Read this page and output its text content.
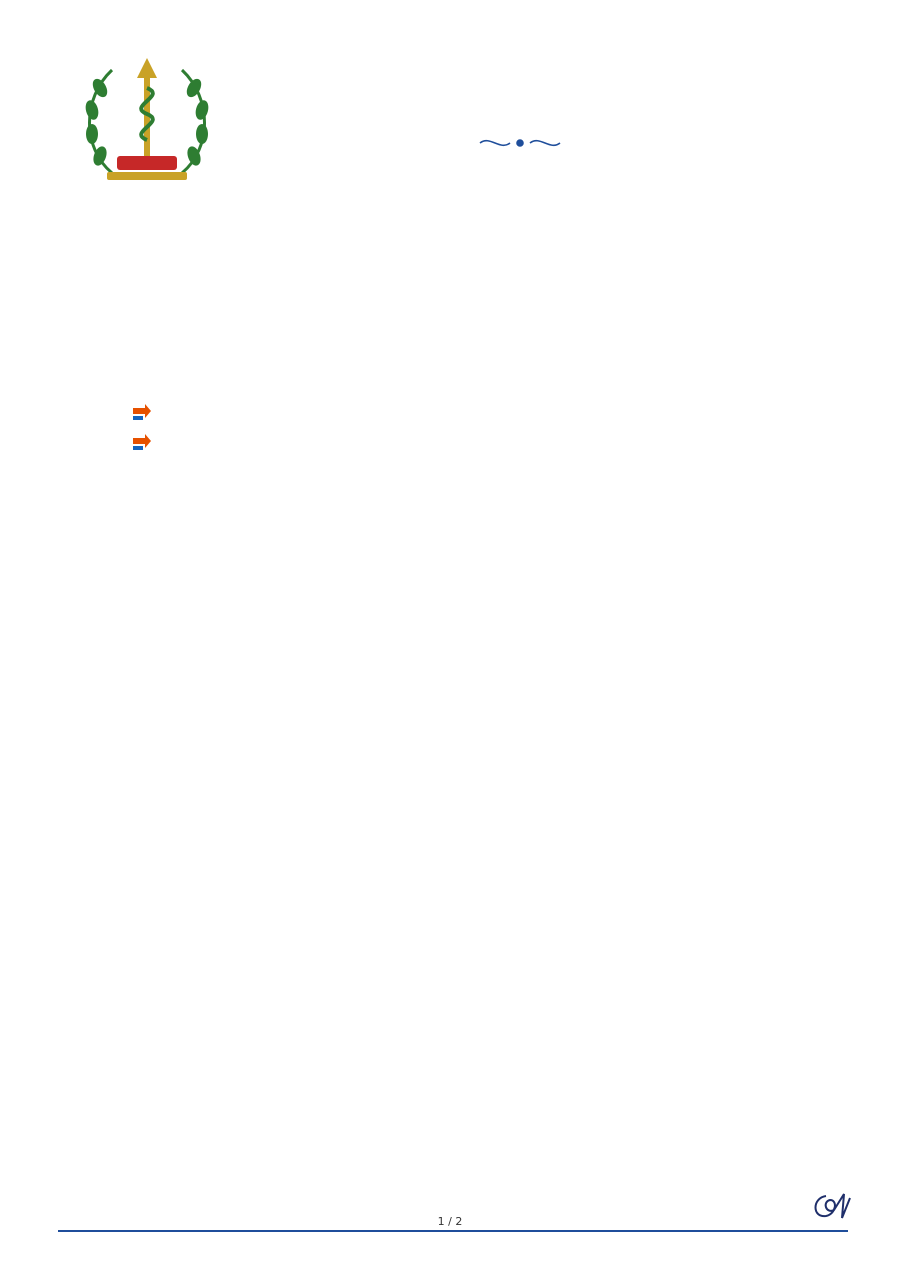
1 / 2
